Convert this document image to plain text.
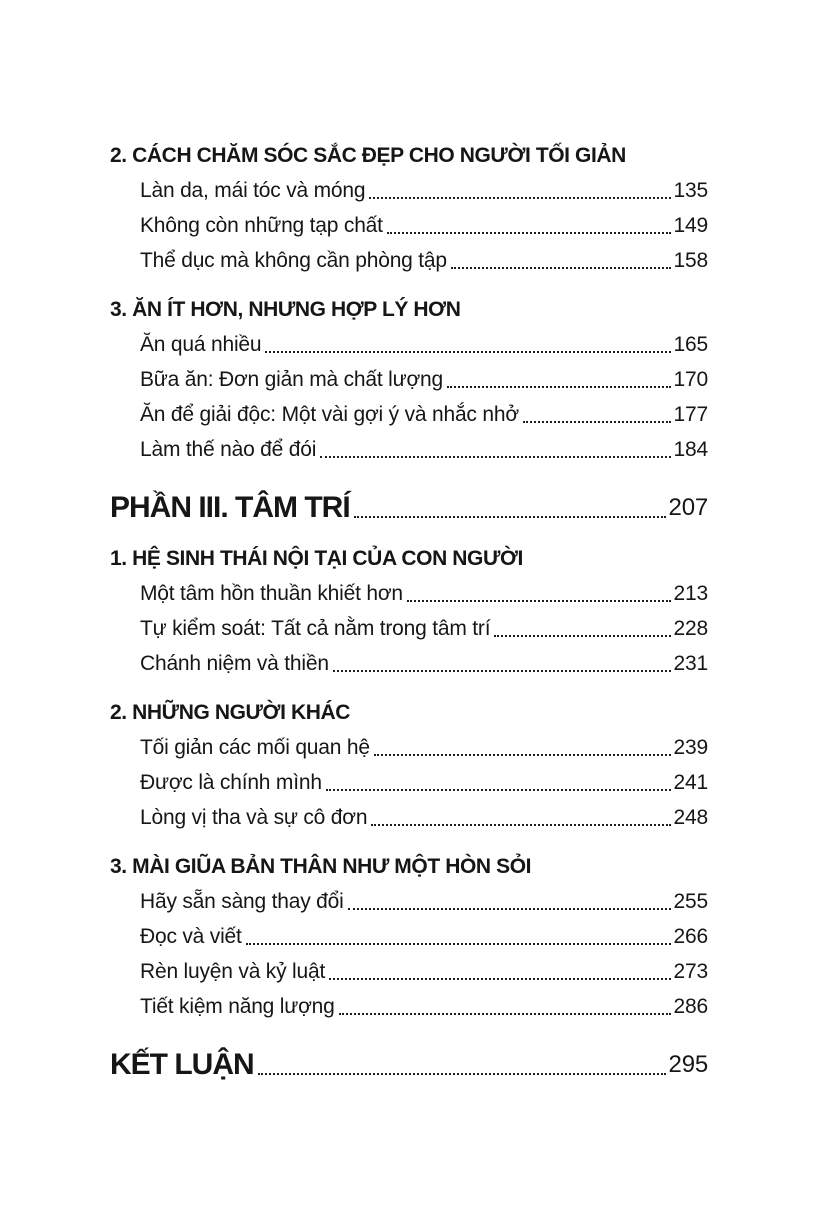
2. CÁCH CHĂM SÓC SẮC ĐẸP CHO NGƯỜI TỐI GIẢN
Làn da, mái tóc và móng	135
Không còn những tạp chất	149
Thể dục mà không cần phòng tập	158
3. ĂN ÍT HƠN, NHƯNG HỢP LÝ HƠN
Ăn quá nhiều	165
Bữa ăn: Đơn giản mà chất lượng	170
Ăn để giải độc: Một vài gợi ý và nhắc nhở	177
Làm thế nào để đói	184
PHẦN III. TÂM TRÍ	207
1. HỆ SINH THÁI NỘI TẠI CỦA CON NGƯỜI
Một tâm hồn thuần khiết hơn	213
Tự kiểm soát: Tất cả nằm trong tâm trí	228
Chánh niệm và thiền	231
2. NHỮNG NGƯỜI KHÁC
Tối giản các mối quan hệ	239
Được là chính mình	241
Lòng vị tha và sự cô đơn	248
3. MÀI GIŨA BẢN THÂN NHƯ MỘT HÒN SỎI
Hãy sẵn sàng thay đổi	255
Đọc và viết	266
Rèn luyện và kỷ luật	273
Tiết kiệm năng lượng	286
KẾT LUẬN	295
